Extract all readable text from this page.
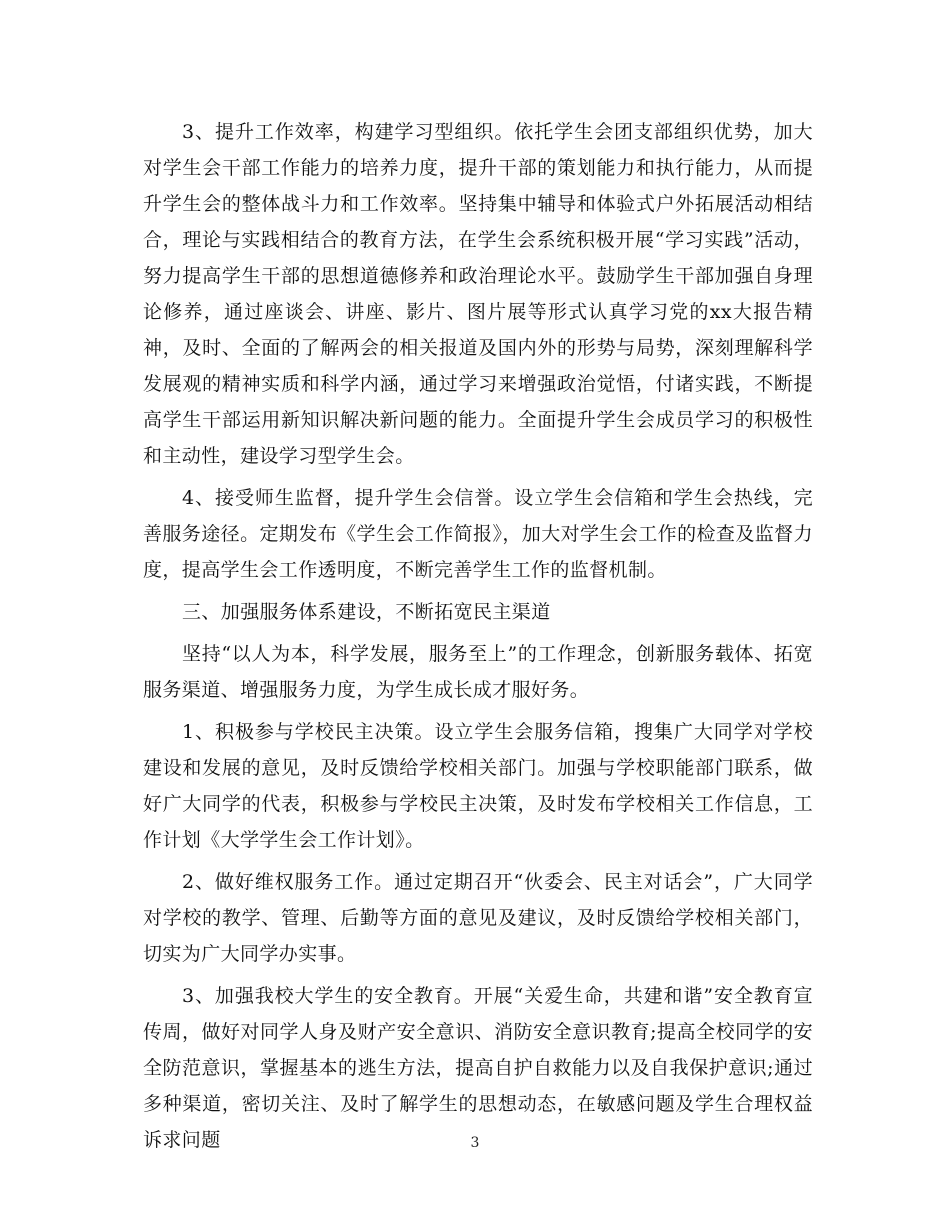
3、提升工作效率，构建学习型组织。依托学生会团支部组织优势，加大对学生会干部工作能力的培养力度，提升干部的策划能力和执行能力，从而提升学生会的整体战斗力和工作效率。坚持集中辅导和体验式户外拓展活动相结合，理论与实践相结合的教育方法，在学生会系统积极开展“学习实践”活动，努力提高学生干部的思想道德修养和政治理论水平。鼓励学生干部加强自身理论修养，通过座谈会、讲座、影片、图片展等形式认真学习党的xx大报告精神，及时、全面的了解两会的相关报道及国内外的形势与局势，深刻理解科学发展观的精神实质和科学内涵，通过学习来增强政治觉悟，付诸实践，不断提高学生干部运用新知识解决新问题的能力。全面提升学生会成员学习的积极性和主动性，建设学习型学生会。

4、接受师生监督，提升学生会信誉。设立学生会信箱和学生会热线，完善服务途径。定期发布《学生会工作简报》，加大对学生会工作的检查及监督力度，提高学生会工作透明度，不断完善学生工作的监督机制。

三、加强服务体系建设，不断拓宽民主渠道

坚持“以人为本，科学发展，服务至上”的工作理念，创新服务载体、拓宽服务渠道、增强服务力度，为学生成长成才服好务。

1、积极参与学校民主决策。设立学生会服务信箱，搜集广大同学对学校建设和发展的意见，及时反馈给学校相关部门。加强与学校职能部门联系，做好广大同学的代表，积极参与学校民主决策，及时发布学校相关工作信息，工作计划《大学学生会工作计划》。

2、做好维权服务工作。通过定期召开“伙委会、民主对话会”，广大同学对学校的教学、管理、后勤等方面的意见及建议，及时反馈给学校相关部门，切实为广大同学办实事。

3、加强我校大学生的安全教育。开展“关爱生命，共建和谐”安全教育宣传周，做好对同学人身及财产安全意识、消防安全意识教育;提高全校同学的安全防范意识，掌握基本的逃生方法，提高自护自救能力以及自我保护意识;通过多种渠道，密切关注、及时了解学生的思想动态，在敏感问题及学生合理权益诉求问题	3
